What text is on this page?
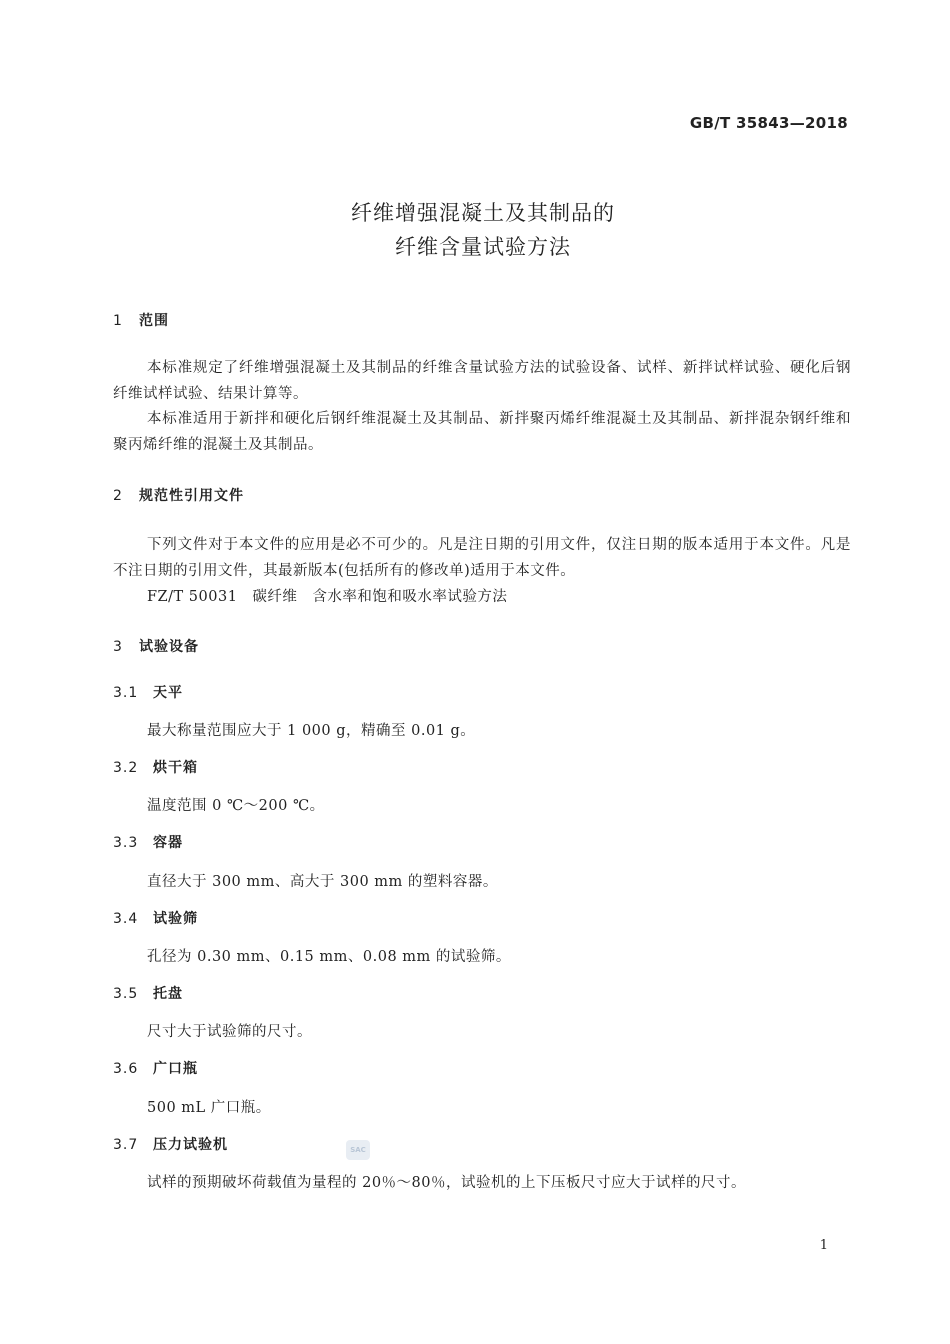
GB/T 35843—2018
纤维增强混凝土及其制品的
纤维含量试验方法
1 范围
本标准规定了纤维增强混凝土及其制品的纤维含量试验方法的试验设备、试样、新拌试样试验、硬化后钢纤维试样试验、结果计算等。
本标准适用于新拌和硬化后钢纤维混凝土及其制品、新拌聚丙烯纤维混凝土及其制品、新拌混杂钢纤维和聚丙烯纤维的混凝土及其制品。
2 规范性引用文件
下列文件对于本文件的应用是必不可少的。凡是注日期的引用文件，仅注日期的版本适用于本文件。凡是不注日期的引用文件，其最新版本(包括所有的修改单)适用于本文件。
FZ/T 50031　碳纤维　含水率和饱和吸水率试验方法
3 试验设备
3.1 天平
最大称量范围应大于 1 000 g，精确至 0.01 g。
3.2 烘干箱
温度范围 0 ℃～200 ℃。
3.3 容器
直径大于 300 mm、高大于 300 mm 的塑料容器。
3.4 试验筛
孔径为 0.30 mm、0.15 mm、0.08 mm 的试验筛。
3.5 托盘
尺寸大于试验筛的尺寸。
3.6 广口瓶
500 mL 广口瓶。
3.7 压力试验机
试样的预期破坏荷载值为量程的 20％～80％，试验机的上下压板尺寸应大于试样的尺寸。
SAC
1
